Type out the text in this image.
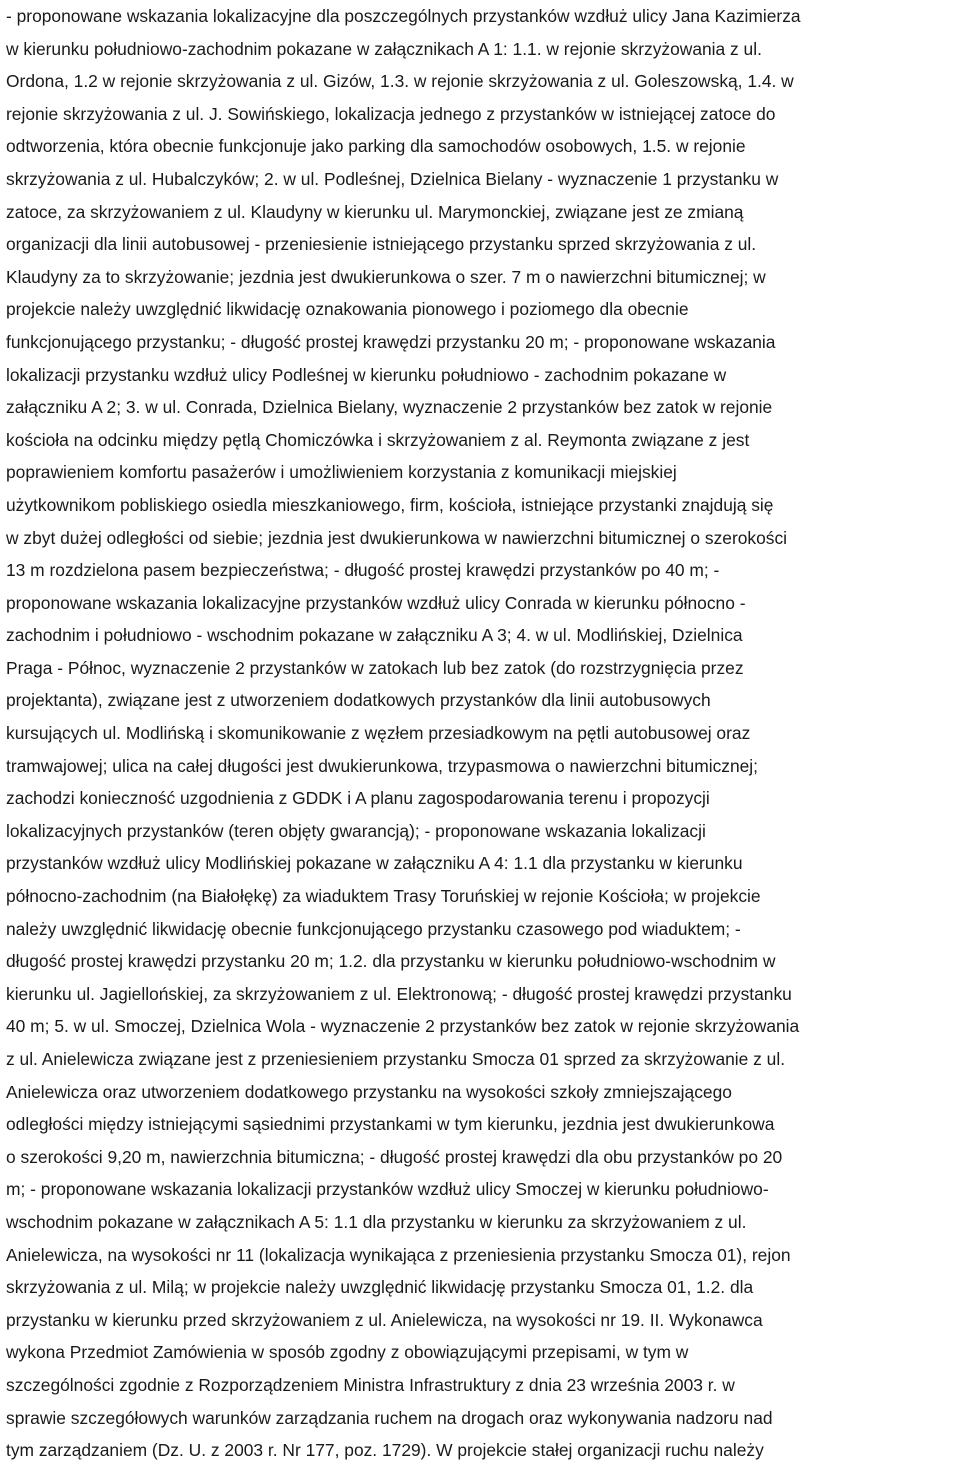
- proponowane wskazania lokalizacyjne dla poszczególnych przystanków wzdłuż ulicy Jana Kazimierza
w kierunku południowo-zachodnim pokazane w załącznikach A 1: 1.1. w rejonie skrzyżowania z ul.
Ordona, 1.2 w rejonie skrzyżowania z ul. Gizów, 1.3. w rejonie skrzyżowania z ul. Goleszowską, 1.4. w
rejonie skrzyżowania z ul. J. Sowińskiego, lokalizacja jednego z przystanków w istniejącej zatoce do
odtworzenia, która obecnie funkcjonuje jako parking dla samochodów osobowych, 1.5. w rejonie
skrzyżowania z ul. Hubalczyków; 2. w ul. Podleśnej, Dzielnica Bielany - wyznaczenie 1 przystanku w
zatoce, za skrzyżowaniem z ul. Klaudyny w kierunku ul. Marymonckiej, związane jest ze zmianą
organizacji dla linii autobusowej - przeniesienie istniejącego przystanku sprzed skrzyżowania z ul.
Klaudyny za to skrzyżowanie; jezdnia jest dwukierunkowa o szer. 7 m o nawierzchni bitumicznej; w
projekcie należy uwzględnić likwidację oznakowania pionowego i poziomego dla obecnie
funkcjonującego przystanku; - długość prostej krawędzi przystanku 20 m; - proponowane wskazania
lokalizacji przystanku wzdłuż ulicy Podleśnej w kierunku południowo - zachodnim pokazane w
załączniku A 2; 3. w ul. Conrada, Dzielnica Bielany, wyznaczenie 2 przystanków bez zatok w rejonie
kościoła na odcinku między pętlą Chomiczówka i skrzyżowaniem z al. Reymonta związane z jest
poprawieniem komfortu pasażerów i umożliwieniem korzystania z komunikacji miejskiej
użytkownikom pobliskiego osiedla mieszkaniowego, firm, kościoła, istniejące przystanki znajdują się
w zbyt dużej odległości od siebie; jezdnia jest dwukierunkowa w nawierzchni bitumicznej o szerokości
13 m rozdzielona pasem bezpieczeństwa; - długość prostej krawędzi przystanków po 40 m; -
proponowane wskazania lokalizacyjne przystanków wzdłuż ulicy Conrada w kierunku północno -
zachodnim i południowo - wschodnim pokazane w załączniku A 3; 4. w ul. Modlińskiej, Dzielnica
Praga - Północ, wyznaczenie 2 przystanków w zatokach lub bez zatok (do rozstrzygnięcia przez
projektanta), związane jest z utworzeniem dodatkowych przystanków dla linii autobusowych
kursujących ul. Modlińską i skomunikowanie z węzłem przesiadkowym na pętli autobusowej oraz
tramwajowej; ulica na całej długości jest dwukierunkowa, trzypasmowa o nawierzchni bitumicznej;
zachodzi konieczność uzgodnienia z GDDK i A planu zagospodarowania terenu i propozycji
lokalizacyjnych przystanków (teren objęty gwarancją); - proponowane wskazania lokalizacji
przystanków wzdłuż ulicy Modlińskiej pokazane w załączniku A 4: 1.1 dla przystanku w kierunku
północno-zachodnim (na Białołękę) za wiaduktem Trasy Toruńskiej w rejonie Kościoła; w projekcie
należy uwzględnić likwidację obecnie funkcjonującego przystanku czasowego pod wiaduktem; -
długość prostej krawędzi przystanku 20 m; 1.2. dla przystanku w kierunku południowo-wschodnim w
kierunku ul. Jagiellońskiej, za skrzyżowaniem z ul. Elektronową; - długość prostej krawędzi przystanku
40 m; 5. w ul. Smoczej, Dzielnica Wola - wyznaczenie 2 przystanków bez zatok w rejonie skrzyżowania
z ul. Anielewicza związane jest z przeniesieniem przystanku Smocza 01 sprzed za skrzyżowanie z ul.
Anielewicza oraz utworzeniem dodatkowego przystanku na wysokości szkoły zmniejszającego
odległości między istniejącymi sąsiednimi przystankami w tym kierunku, jezdnia jest dwukierunkowa
o szerokości 9,20 m, nawierzchnia bitumiczna; - długość prostej krawędzi dla obu przystanków po 20
m; - proponowane wskazania lokalizacji przystanków wzdłuż ulicy Smoczej w kierunku południowo-
wschodnim pokazane w załącznikach A 5: 1.1 dla przystanku w kierunku za skrzyżowaniem z ul.
Anielewicza, na wysokości nr 11 (lokalizacja wynikająca z przeniesienia przystanku Smocza 01), rejon
skrzyżowania z ul. Milą; w projekcie należy uwzględnić likwidację przystanku Smocza 01, 1.2. dla
przystanku w kierunku przed skrzyżowaniem z ul. Anielewicza, na wysokości nr 19. II. Wykonawca
wykona Przedmiot Zamówienia w sposób zgodny z obowiązującymi przepisami, w tym w
szczególności zgodnie z Rozporządzeniem Ministra Infrastruktury z dnia 23 września 2003 r. w
sprawie szczegółowych warunków zarządzania ruchem na drogach oraz wykonywania nadzoru nad
tym zarządzaniem (Dz. U. z 2003 r. Nr 177, poz. 1729). W projekcie stałej organizacji ruchu należy
